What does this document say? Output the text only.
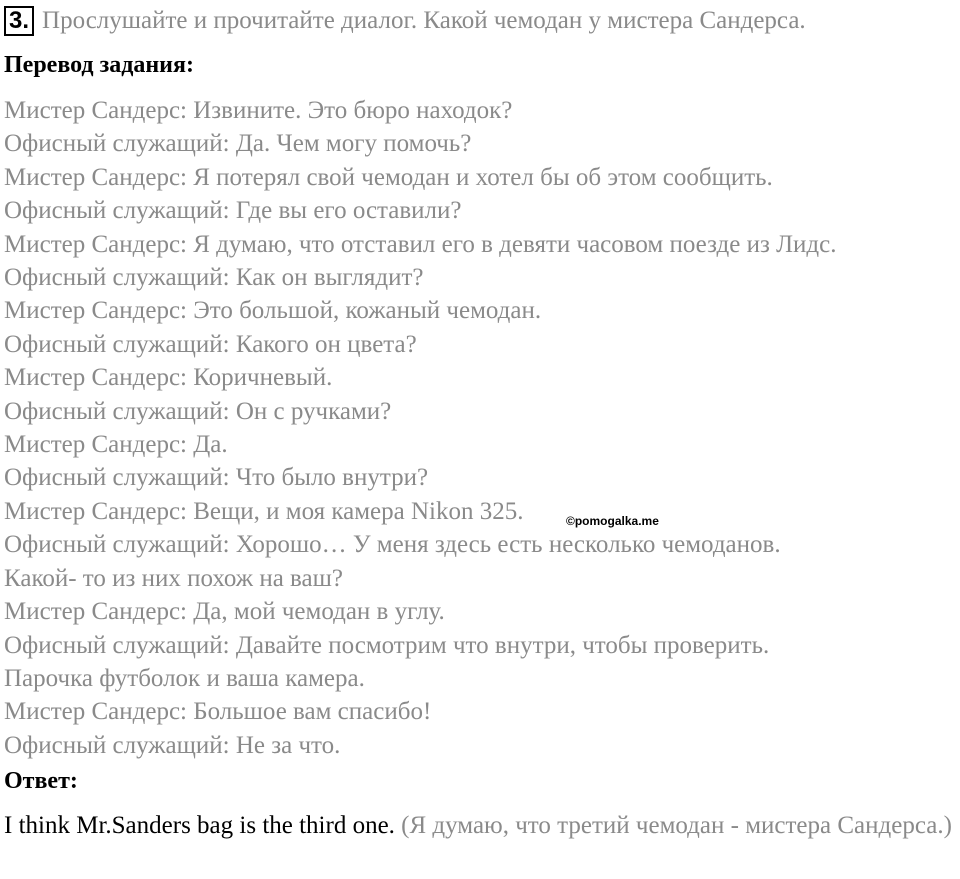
3. Прослушайте и прочитайте диалог. Какой чемодан у мистера Сандерса.
Перевод задания:
Мистер Сандерс: Извините. Это бюро находок?
Офисный служащий: Да. Чем могу помочь?
Мистер Сандерс: Я потерял свой чемодан и хотел бы об этом сообщить.
Офисный служащий: Где вы его оставили?
Мистер Сандерс: Я думаю, что отставил его в девяти часовом поезде из Лидс.
Офисный служащий: Как он выглядит?
Мистер Сандерс: Это большой, кожаный чемодан.
Офисный служащий: Какого он цвета?
Мистер Сандерс: Коричневый.
Офисный служащий: Он с ручками?
Мистер Сандерс: Да.
Офисный служащий: Что было внутри?
Мистер Сандерс: Вещи, и моя камера Nikon 325.
Офисный служащий: Хорошо… У меня здесь есть несколько чемоданов.
Какой- то из них похож на ваш?
Мистер Сандерс: Да, мой чемодан в углу.
Офисный служащий: Давайте посмотрим что внутри, чтобы проверить.
Парочка футболок и ваша камера.
Мистер Сандерс: Большое вам спасибо!
Офисный служащий: Не за что.
Ответ:
I think Mr.Sanders bag is the third one. (Я думаю, что третий чемодан - мистера Сандерса.)
©pomogalka.me
